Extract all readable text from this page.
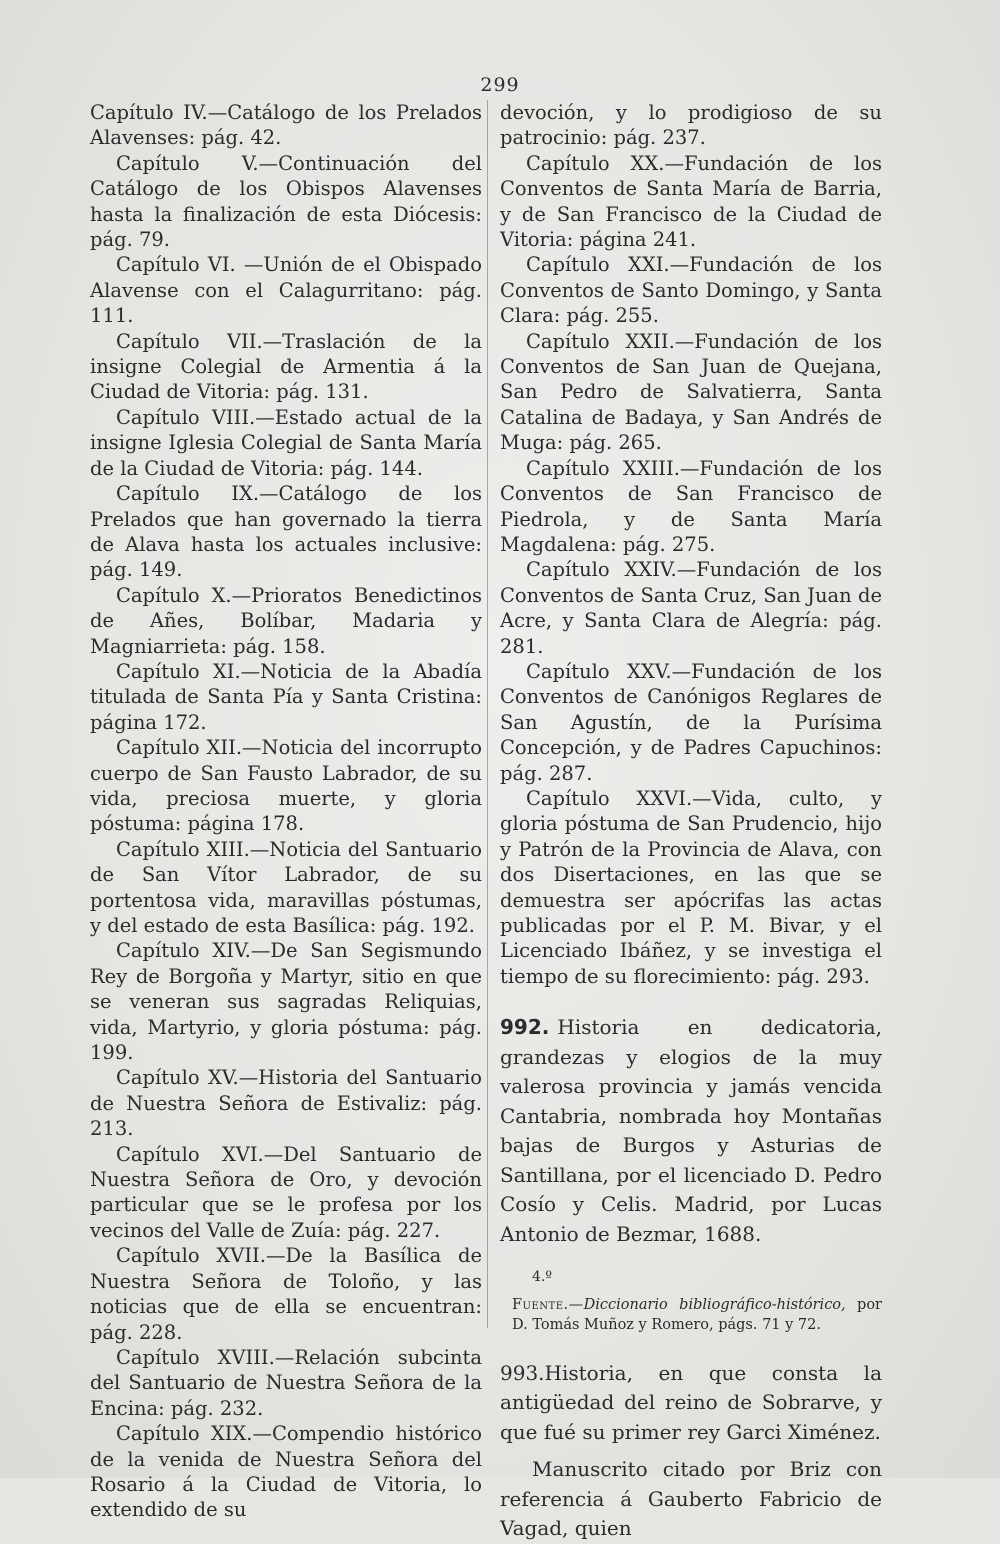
299

Capítulo IV.—Catálogo de los Prelados Alavenses: pág. 42.

Capítulo V.—Continuación del Catálogo de los Obispos Alavenses hasta la finalización de esta Diócesis: pág. 79.

Capítulo VI. —Unión de el Obispado Alavense con el Calagurritano: pág. 111.

Capítulo VII.—Traslación de la insigne Colegial de Armentia á la Ciudad de Vitoria: pág. 131.

Capítulo VIII.—Estado actual de la insigne Iglesia Colegial de Santa María de la Ciudad de Vitoria: pág. 144.

Capítulo IX.—Catálogo de los Prelados que han governado la tierra de Alava hasta los actuales inclusive: pág. 149.

Capítulo X.—Prioratos Benedictinos de Añes, Bolíbar, Madaria y Magniarrieta: pág. 158.

Capítulo XI.—Noticia de la Abadía titulada de Santa Pía y Santa Cristina: página 172.

Capítulo XII.—Noticia del incorrupto cuerpo de San Fausto Labrador, de su vida, preciosa muerte, y gloria póstuma: página 178.

Capítulo XIII.—Noticia del Santuario de San Vítor Labrador, de su portentosa vida, maravillas póstumas, y del estado de esta Basílica: pág. 192.

Capítulo XIV.—De San Segismundo Rey de Borgoña y Martyr, sitio en que se veneran sus sagradas Reliquias, vida, Martyrio, y gloria póstuma: pág. 199.

Capítulo XV.—Historia del Santuario de Nuestra Señora de Estivaliz: pág. 213.

Capítulo XVI.—Del Santuario de Nuestra Señora de Oro, y devoción particular que se le profesa por los vecinos del Valle de Zuía: pág. 227.

Capítulo XVII.—De la Basílica de Nuestra Señora de Toloño, y las noticias que de ella se encuentran: pág. 228.

Capítulo XVIII.—Relación subcinta del Santuario de Nuestra Señora de la Encina: pág. 232.

Capítulo XIX.—Compendio histórico de la venida de Nuestra Señora del Rosario á la Ciudad de Vitoria, lo extendido de su

devoción, y lo prodigioso de su patrocinio: pág. 237.

Capítulo XX.—Fundación de los Conventos de Santa María de Barria, y de San Francisco de la Ciudad de Vitoria: página 241.

Capítulo XXI.—Fundación de los Conventos de Santo Domingo, y Santa Clara: pág. 255.

Capítulo XXII.—Fundación de los Conventos de San Juan de Quejana, San Pedro de Salvatierra, Santa Catalina de Badaya, y San Andrés de Muga: pág. 265.

Capítulo XXIII.—Fundación de los Conventos de San Francisco de Piedrola, y de Santa María Magdalena: pág. 275.

Capítulo XXIV.—Fundación de los Conventos de Santa Cruz, San Juan de Acre, y Santa Clara de Alegría: pág. 281.

Capítulo XXV.—Fundación de los Conventos de Canónigos Reglares de San Agustín, de la Purísima Concepción, y de Padres Capuchinos: pág. 287.

Capítulo XXVI.—Vida, culto, y gloria póstuma de San Prudencio, hijo y Patrón de la Provincia de Alava, con dos Disertaciones, en las que se demuestra ser apócrifas las actas publicadas por el P. M. Bivar, y el Licenciado Ibáñez, y se investiga el tiempo de su florecimiento: pág. 293.

992. Historia en dedicatoria, grandezas y elogios de la muy valerosa provincia y jamás vencida Cantabria, nombrada hoy Montañas bajas de Burgos y Asturias de Santillana, por el licenciado D. Pedro Cosío y Celis. Madrid, por Lucas Antonio de Bezmar, 1688.

4.º

Fuente.—Diccionario bibliográfico-histórico, por D. Tomás Muñoz y Romero, págs. 71 y 72.

993.Historia, en que consta la antigüedad del reino de Sobrarve, y que fué su primer rey Garci Ximénez.

Manuscrito citado por Briz con referencia á Gauberto Fabricio de Vagad, quien
